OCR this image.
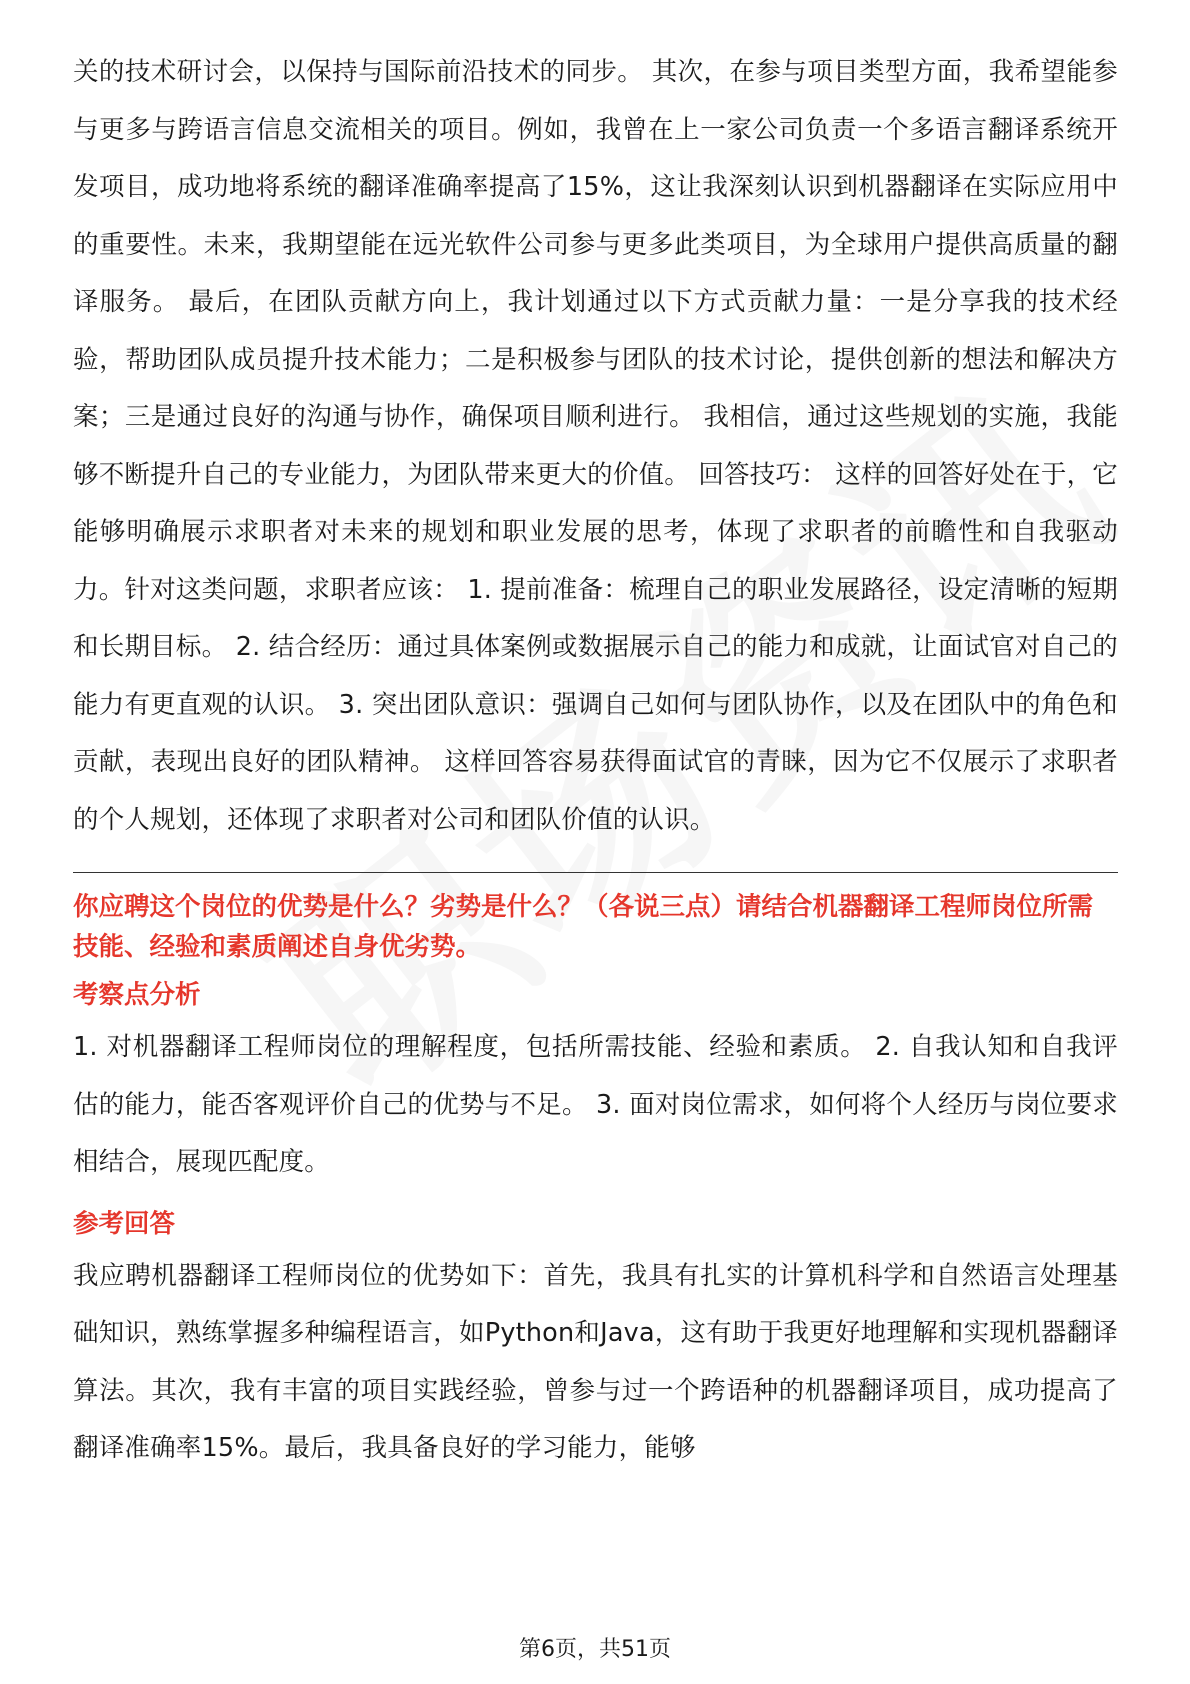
关的技术研讨会，以保持与国际前沿技术的同步。 其次，在参与项目类型方面，我希望能参与更多与跨语言信息交流相关的项目。例如，我曾在上一家公司负责一个多语言翻译系统开发项目，成功地将系统的翻译准确率提高了15%，这让我深刻认识到机器翻译在实际应用中的重要性。未来，我期望能在远光软件公司参与更多此类项目，为全球用户提供高质量的翻译服务。 最后，在团队贡献方向上，我计划通过以下方式贡献力量：一是分享我的技术经验，帮助团队成员提升技术能力；二是积极参与团队的技术讨论，提供创新的想法和解决方案；三是通过良好的沟通与协作，确保项目顺利进行。 我相信，通过这些规划的实施，我能够不断提升自己的专业能力，为团队带来更大的价值。 回答技巧： 这样的回答好处在于，它能够明确展示求职者对未来的规划和职业发展的思考，体现了求职者的前瞻性和自我驱动力。针对这类问题，求职者应该： 1. 提前准备：梳理自己的职业发展路径，设定清晰的短期和长期目标。 2. 结合经历：通过具体案例或数据展示自己的能力和成就，让面试官对自己的能力有更直观的认识。 3. 突出团队意识：强调自己如何与团队协作，以及在团队中的角色和贡献，表现出良好的团队精神。 这样回答容易获得面试官的青睐，因为它不仅展示了求职者的个人规划，还体现了求职者对公司和团队价值的认识。

你应聘这个岗位的优势是什么？劣势是什么？（各说三点）请结合机器翻译工程师岗位所需技能、经验和素质阐述自身优劣势。

考察点分析

1. 对机器翻译工程师岗位的理解程度，包括所需技能、经验和素质。 2. 自我认知和自我评估的能力，能否客观评价自己的优势与不足。 3. 面对岗位需求，如何将个人经历与岗位要求相结合，展现匹配度。

参考回答

我应聘机器翻译工程师岗位的优势如下：首先，我具有扎实的计算机科学和自然语言处理基础知识，熟练掌握多种编程语言，如Python和Java，这有助于我更好地理解和实现机器翻译算法。其次，我有丰富的项目实践经验，曾参与过一个跨语种的机器翻译项目，成功提高了翻译准确率15%。最后，我具备良好的学习能力，能够

第6页，共51页
